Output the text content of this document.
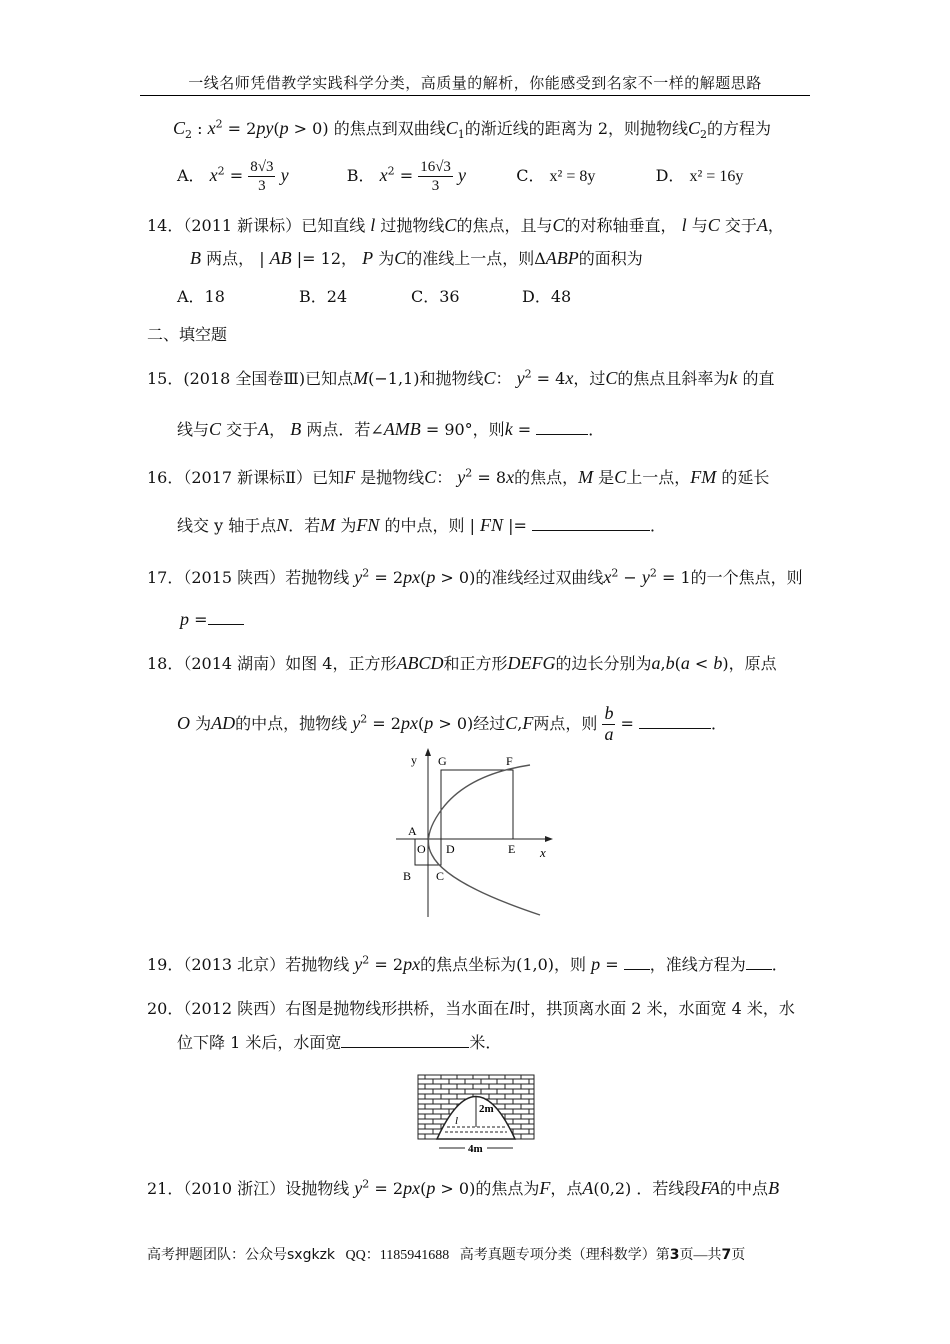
一线名师凭借教学实践科学分类，高质量的解析，你能感受到名家不一样的解题思路
$C_2$ : $x^2 = 2py(p > 0)$ 的焦点到双曲线$C_1$的渐近线的距离为 2，则抛物线$C_2$的方程为
A． $x^2 = \frac{8√3}{3}$ y	B． $x^2 = \frac{16√3}{3}$ y	C． x² = 8y	D． x² = 16y
14．（2011 新课标）已知直线 l 过抛物线C的焦点，且与C的对称轴垂直， l 与C 交于A，
B 两点， | AB |= 12， P 为C的准线上一点，则ΔABP的面积为
A．18	B．24	C．36	D．48
二、填空题
15．(2018 全国卷Ⅲ)已知点M(−1,1)和抛物线C： $y^2 = 4x$，过C的焦点且斜率为k 的直
线与C 交于A， B 两点．若∠AMB = 90°，则k =	．
16．（2017 新课标Ⅱ）已知F 是抛物线C： $y^2 = 8x$的焦点，M 是C上一点，FM 的延长
线交 y 轴于点N．若M 为FN 的中点，则 | FN |=	．
17．（2015 陕西）若抛物线 $y^2 = 2px(p > 0)$的准线经过双曲线$x^2 - y^2 = 1$的一个焦点，则
p =
18．（2014 湖南）如图 4，正方形ABCD和正方形DEFG的边长分别为a,b(a < b)，原点
O 为AD的中点，抛物线 $y^2 = 2px(p > 0)$经过C,F两点，则 $\frac{b}{a}$ =	．
y G	F
A
O D	E x
B C
19．（2013 北京）若抛物线 $y^2 = 2px$的焦点坐标为(1,0)，则 p = ，准线方程为 ．
20．（2012 陕西）右图是抛物线形拱桥，当水面在l时，拱顶离水面 2 米，水面宽 4 米，水
位下降 1 米后，水面宽	米．
2m
l
4m
21．（2010 浙江）设抛物线 $y^2 = 2px(p > 0)$的焦点为F，点A(0,2) ．若线段FA的中点B
高考押题团队：公众号sxgkzk QQ：1185941688 高考真题专项分类（理科数学）第3页—共7页
